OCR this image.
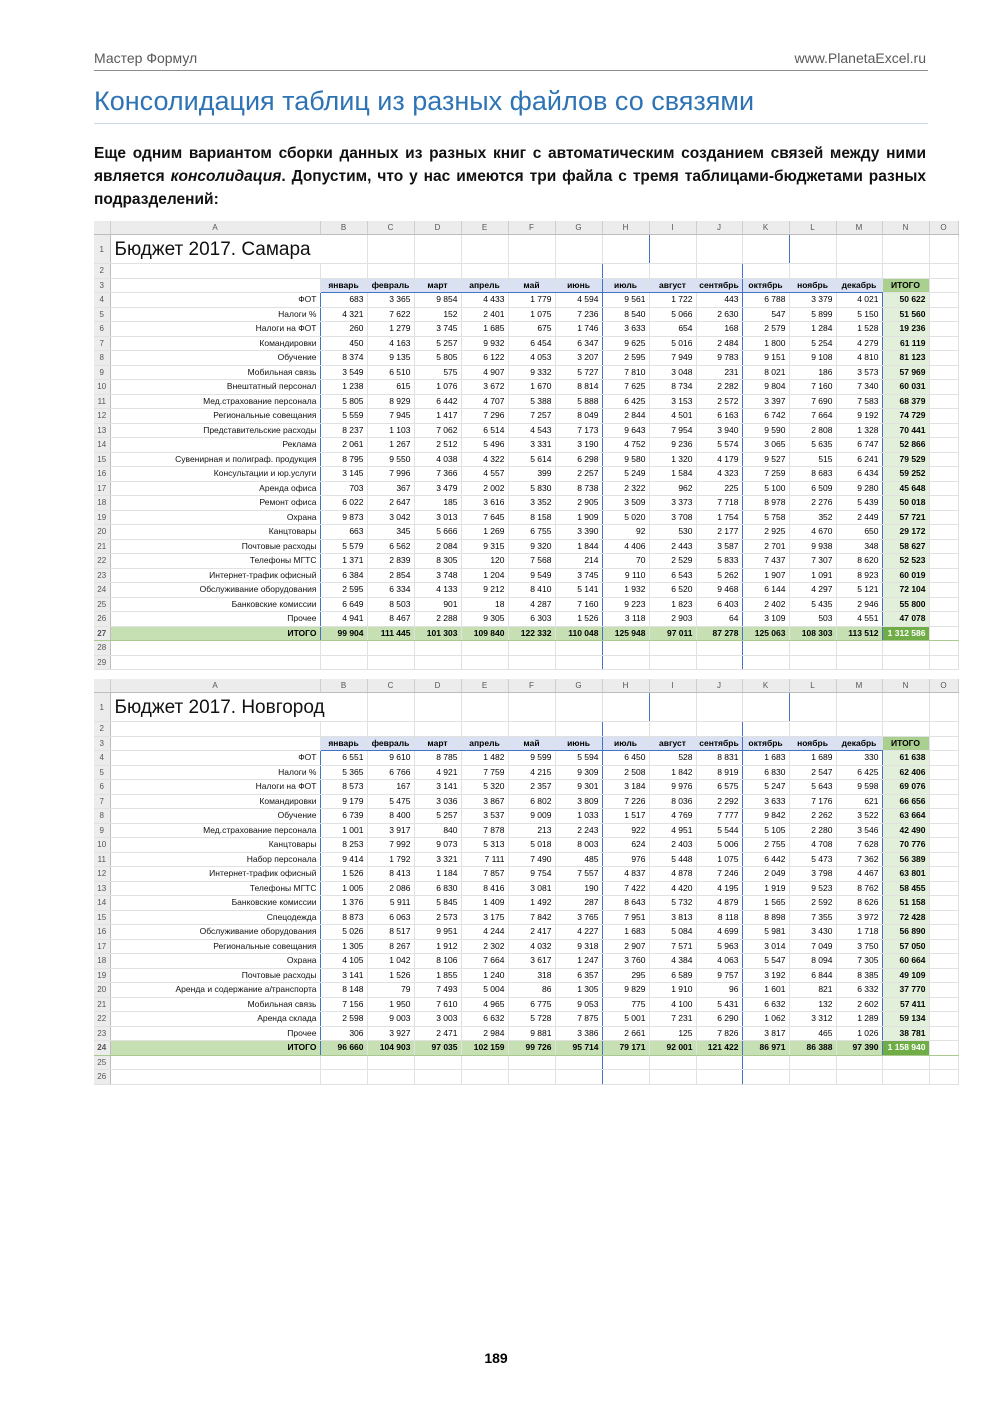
Мастер Формул	www.PlanetaExcel.ru
Консолидация таблиц из разных файлов со связями
Еще одним вариантом сборки данных из разных книг с автоматическим созданием связей между ними является консолидация. Допустим, что у нас имеются три файла с тремя таблицами-бюджетами разных подразделений:
	A	B	C	D	E	F	G	H	I	J	K	L	M	N	O
1	Бюджет 2017. Самара														
2															
3		январь	февраль	март	апрель	май	июнь	июль	август	сентябрь	октябрь	ноябрь	декабрь	ИТОГО	
4	ФОТ	683	3 365	9 854	4 433	1 779	4 594	9 561	1 722	443	6 788	3 379	4 021	50 622	
5	Налоги %	4 321	7 622	152	2 401	1 075	7 236	8 540	5 066	2 630	547	5 899	5 150	51 560	
6	Налоги на ФОТ	260	1 279	3 745	1 685	675	1 746	3 633	654	168	2 579	1 284	1 528	19 236	
7	Командировки	450	4 163	5 257	9 932	6 454	6 347	9 625	5 016	2 484	1 800	5 254	4 279	61 119	
8	Обучение	8 374	9 135	5 805	6 122	4 053	3 207	2 595	7 949	9 783	9 151	9 108	4 810	81 123	
9	Мобильная связь	3 549	6 510	575	4 907	9 332	5 727	7 810	3 048	231	8 021	186	3 573	57 969	
10	Внештатный персонал	1 238	615	1 076	3 672	1 670	8 814	7 625	8 734	2 282	9 804	7 160	7 340	60 031	
11	Мед.страхование персонала	5 805	8 929	6 442	4 707	5 388	5 888	6 425	3 153	2 572	3 397	7 690	7 583	68 379	
12	Региональные совещания	5 559	7 945	1 417	7 296	7 257	8 049	2 844	4 501	6 163	6 742	7 664	9 192	74 729	
13	Представительские расходы	8 237	1 103	7 062	6 514	4 543	7 173	9 643	7 954	3 940	9 590	2 808	1 328	70 441	
14	Реклама	2 061	1 267	2 512	5 496	3 331	3 190	4 752	9 236	5 574	3 065	5 635	6 747	52 866	
15	Сувенирная и полиграф. продукция	8 795	9 550	4 038	4 322	5 614	6 298	9 580	1 320	4 179	9 527	515	6 241	79 529	
16	Консультации и юр.услуги	3 145	7 996	7 366	4 557	399	2 257	5 249	1 584	4 323	7 259	8 683	6 434	59 252	
17	Аренда офиса	703	367	3 479	2 002	5 830	8 738	2 322	962	225	5 100	6 509	9 280	45 648	
18	Ремонт офиса	6 022	2 647	185	3 616	3 352	2 905	3 509	3 373	7 718	8 978	2 276	5 439	50 018	
19	Охрана	9 873	3 042	3 013	7 645	8 158	1 909	5 020	3 708	1 754	5 758	352	2 449	57 721	
20	Канцтовары	663	345	5 666	1 269	6 755	3 390	92	530	2 177	2 925	4 670	650	29 172	
21	Почтовые расходы	5 579	6 562	2 084	9 315	9 320	1 844	4 406	2 443	3 587	2 701	9 938	348	58 627	
22	Телефоны МГТС	1 371	2 839	8 305	120	7 568	214	70	2 529	5 833	7 437	7 307	8 620	52 523	
23	Интернет-трафик офисный	6 384	2 854	3 748	1 204	9 549	3 745	9 110	6 543	5 262	1 907	1 091	8 923	60 019	
24	Обслуживание оборудования	2 595	6 334	4 133	9 212	8 410	5 141	1 932	6 520	9 468	6 144	4 297	5 121	72 104	
25	Банковские комиссии	6 649	8 503	901	18	4 287	7 160	9 223	1 823	6 403	2 402	5 435	2 946	55 800	
26	Прочее	4 941	8 467	2 288	9 305	6 303	1 526	3 118	2 903	64	3 109	503	4 551	47 078	
27	ИТОГО	99 904	111 445	101 303	109 840	122 332	110 048	125 948	97 011	87 278	125 063	108 303	113 512	1 312 586	
28															
29															
	A	B	C	D	E	F	G	H	I	J	K	L	M	N	O
1	Бюджет 2017. Новгород														
2															
3		январь	февраль	март	апрель	май	июнь	июль	август	сентябрь	октябрь	ноябрь	декабрь	ИТОГО	
4	ФОТ	6 551	9 610	8 785	1 482	9 599	5 594	6 450	528	8 831	1 683	1 689	330	61 638	
5	Налоги %	5 365	6 766	4 921	7 759	4 215	9 309	2 508	1 842	8 919	6 830	2 547	6 425	62 406	
6	Налоги на ФОТ	8 573	167	3 141	5 320	2 357	9 301	3 184	9 976	6 575	5 247	5 643	9 598	69 076	
7	Командировки	9 179	5 475	3 036	3 867	6 802	3 809	7 226	8 036	2 292	3 633	7 176	621	66 656	
8	Обучение	6 739	8 400	5 257	3 537	9 009	1 033	1 517	4 769	7 777	9 842	2 262	3 522	63 664	
9	Мед.страхование персонала	1 001	3 917	840	7 878	213	2 243	922	4 951	5 544	5 105	2 280	3 546	42 490	
10	Канцтовары	8 253	7 992	9 073	5 313	5 018	8 003	624	2 403	5 006	2 755	4 708	7 628	70 776	
11	Набор персонала	9 414	1 792	3 321	7 111	7 490	485	976	5 448	1 075	6 442	5 473	7 362	56 389	
12	Интернет-трафик офисный	1 526	8 413	1 184	7 857	9 754	7 557	4 837	4 878	7 246	2 049	3 798	4 467	63 801	
13	Телефоны МГТС	1 005	2 086	6 830	8 416	3 081	190	7 422	4 420	4 195	1 919	9 523	8 762	58 455	
14	Банковские комиссии	1 376	5 911	5 845	1 409	1 492	287	8 643	5 732	4 879	1 565	2 592	8 626	51 158	
15	Спецодежда	8 873	6 063	2 573	3 175	7 842	3 765	7 951	3 813	8 118	8 898	7 355	3 972	72 428	
16	Обслуживание оборудования	5 026	8 517	9 951	4 244	2 417	4 227	1 683	5 084	4 699	5 981	3 430	1 718	56 890	
17	Региональные совещания	1 305	8 267	1 912	2 302	4 032	9 318	2 907	7 571	5 963	3 014	7 049	3 750	57 050	
18	Охрана	4 105	1 042	8 106	7 664	3 617	1 247	3 760	4 384	4 063	5 547	8 094	7 305	60 664	
19	Почтовые расходы	3 141	1 526	1 855	1 240	318	6 357	295	6 589	9 757	3 192	6 844	8 385	49 109	
20	Аренда и содержание а/транспорта	8 148	79	7 493	5 004	86	1 305	9 829	1 910	96	1 601	821	6 332	37 770	
21	Мобильная связь	7 156	1 950	7 610	4 965	6 775	9 053	775	4 100	5 431	6 632	132	2 602	57 411	
22	Аренда склада	2 598	9 003	3 003	6 632	5 728	7 875	5 001	7 231	6 290	1 062	3 312	1 289	59 134	
23	Прочее	306	3 927	2 471	2 984	9 881	3 386	2 661	125	7 826	3 817	465	1 026	38 781	
24	ИТОГО	96 660	104 903	97 035	102 159	99 726	95 714	79 171	92 001	121 422	86 971	86 388	97 390	1 158 940	
25															
26															
189
